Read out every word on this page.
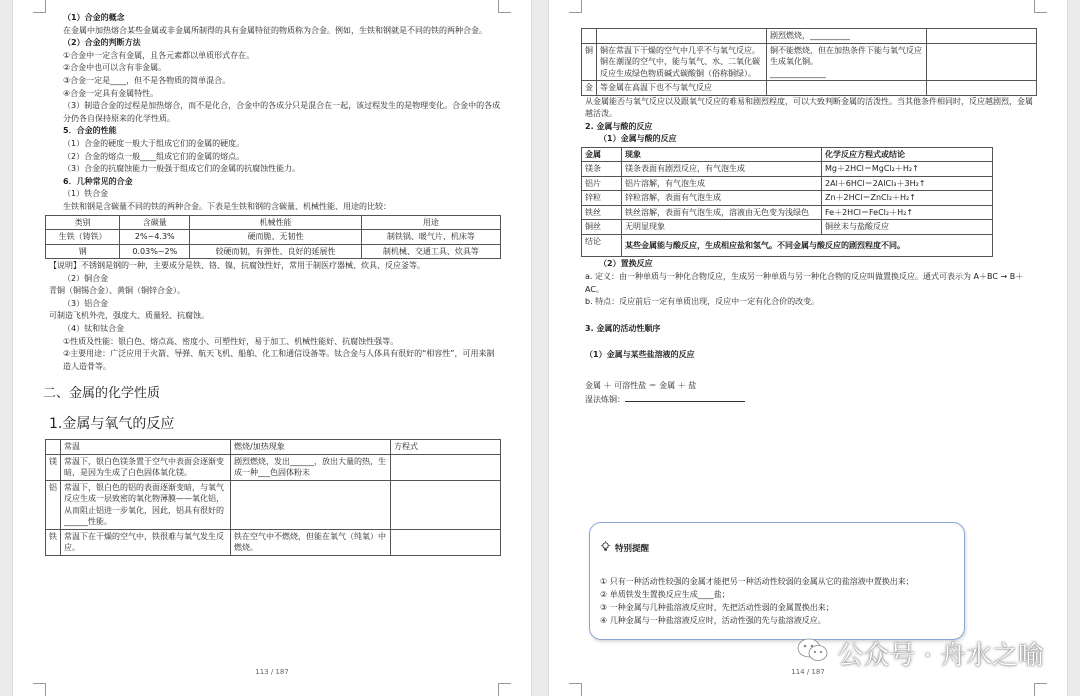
（1）合金的概念

在金属中加热熔合某些金属或非金属所制得的具有金属特征的物质称为合金。例如，生铁和钢就是不同的铁的两种合金。

（2）合金的判断方法

①合金中一定含有金属，且各元素都以单质形式存在。

②合金中也可以含有非金属。

③合金一定是____，但不是各物质的简单混合。

④合金一定具有金属特性。

（3）制造合金的过程是加热熔合，而不是化合，合金中的各成分只是混合在一起，该过程发生的是物理变化。合金中的各成分仍各自保持原来的化学性质。

5．合金的性能

（1）合金的硬度一般大于组成它们的金属的硬度。

（2）合金的熔点一般____组成它们的金属的熔点。

（3）合金的抗腐蚀能力一般强于组成它们的金属的抗腐蚀性能力。

6．几种常见的合金

（1）铁合金

生铁和钢是含碳量不同的铁的两种合金。下表是生铁和钢的含碳量、机械性能、用途的比较：

类别	含碳量	机械性能	用途
生铁（铸铁）	2%~4.3%	硬而脆、无韧性	制铁锅、暖气片、机床等
钢	0.03%~2%	较硬而韧，有弹性、良好的延展性	制机械、交通工具、炊具等

【说明】不锈钢是钢的一种，主要成分是铁、铬、镍，抗腐蚀性好，常用于制医疗器械、炊具、反应釜等。

（2）铜合金

青铜（铜锡合金）、黄铜（铜锌合金）。

（3）铝合金

可制造飞机外壳，强度大、质量轻、抗腐蚀。

（4）钛和钛合金

①性质及性能：银白色、熔点高、密度小、可塑性好，易于加工、机械性能好、抗腐蚀性强等。

②主要用途：广泛应用于火箭、导弹、航天飞机、船舶、化工和通信设备等。钛合金与人体具有很好的“相容性”，可用来制造人造骨等。

二、金属的化学性质

1.金属与氧气的反应

	常温	燃烧/加热现象	方程式
镁	常温下，银白色镁条置于空气中表面会逐渐变暗，是因为生成了白色固体氧化镁。	剧烈燃烧，发出______，放出大量的热，生成一种___色固体粉末	
铝	常温下，银白色的铝的表面逐渐变暗，与氧气反应生成一层致密的氧化物薄膜——氧化铝，从而阻止铝进一步氧化，因此，铝具有很好的______性能。		
铁	常温下在干燥的空气中，铁很难与氧气发生反应。	铁在空气中不燃烧，但能在氧气（纯氧）中燃烧。	
113 / 187
		剧烈燃烧，__________	
铜	铜在常温下干燥的空气中几乎不与氧气反应。
铜在潮湿的空气中，能与氧气、水、二氧化碳反应生成绿色物质碱式碳酸铜（俗称铜绿）。	铜不能燃烧，但在加热条件下能与氧气反应生成氧化铜。
______________	
金	等金属在高温下也不与氧气反应		

从金属能否与氧气反应以及跟氧气反应的难易和剧烈程度，可以大致判断金属的活泼性。当其他条件相同时，反应越剧烈，金属越活泼。

2. 金属与酸的反应

（1）金属与酸的反应

金属	现象	化学反应方程式或结论
镁条	镁条表面有剧烈反应，有气泡生成	Mg＋2HCl＝MgCl₂＋H₂↑
铝片	铝片溶解，有气泡生成	2Al＋6HCl＝2AlCl₃＋3H₂↑
锌粒	锌粒溶解，表面有气泡生成	Zn＋2HCl＝ZnCl₂＋H₂↑
铁丝	铁丝溶解，表面有气泡生成，溶液由无色变为浅绿色	Fe＋2HCl＝FeCl₂＋H₂↑
铜丝	无明显现象	铜丝未与盐酸反应
结论	某些金属能与酸反应，生成相应盐和氢气。不同金属与酸反应的剧烈程度不同。	

（2）置换反应

a. 定义：由一种单质与一种化合物反应，生成另一种单质与另一种化合物的反应叫做置换反应。通式可表示为 A＋BC → B＋AC。

b. 特点：反应前后一定有单质出现，反应中一定有化合价的改变。

3. 金属的活动性顺序

（1）金属与某些盐溶液的反应

金属 ＋ 可溶性盐 ＝ 金属 ＋ 盐

湿法炼铜：

特别提醒

① 只有一种活动性较强的金属才能把另一种活动性较弱的金属从它的盐溶液中置换出来；

② 单质铁发生置换反应生成____盐；

③ 一种金属与几种盐溶液反应时，先把活动性弱的金属置换出来；

④ 几种金属与一种盐溶液反应时，活动性强的先与盐溶液反应。

114 / 187
公众号 · 舟水之喻
